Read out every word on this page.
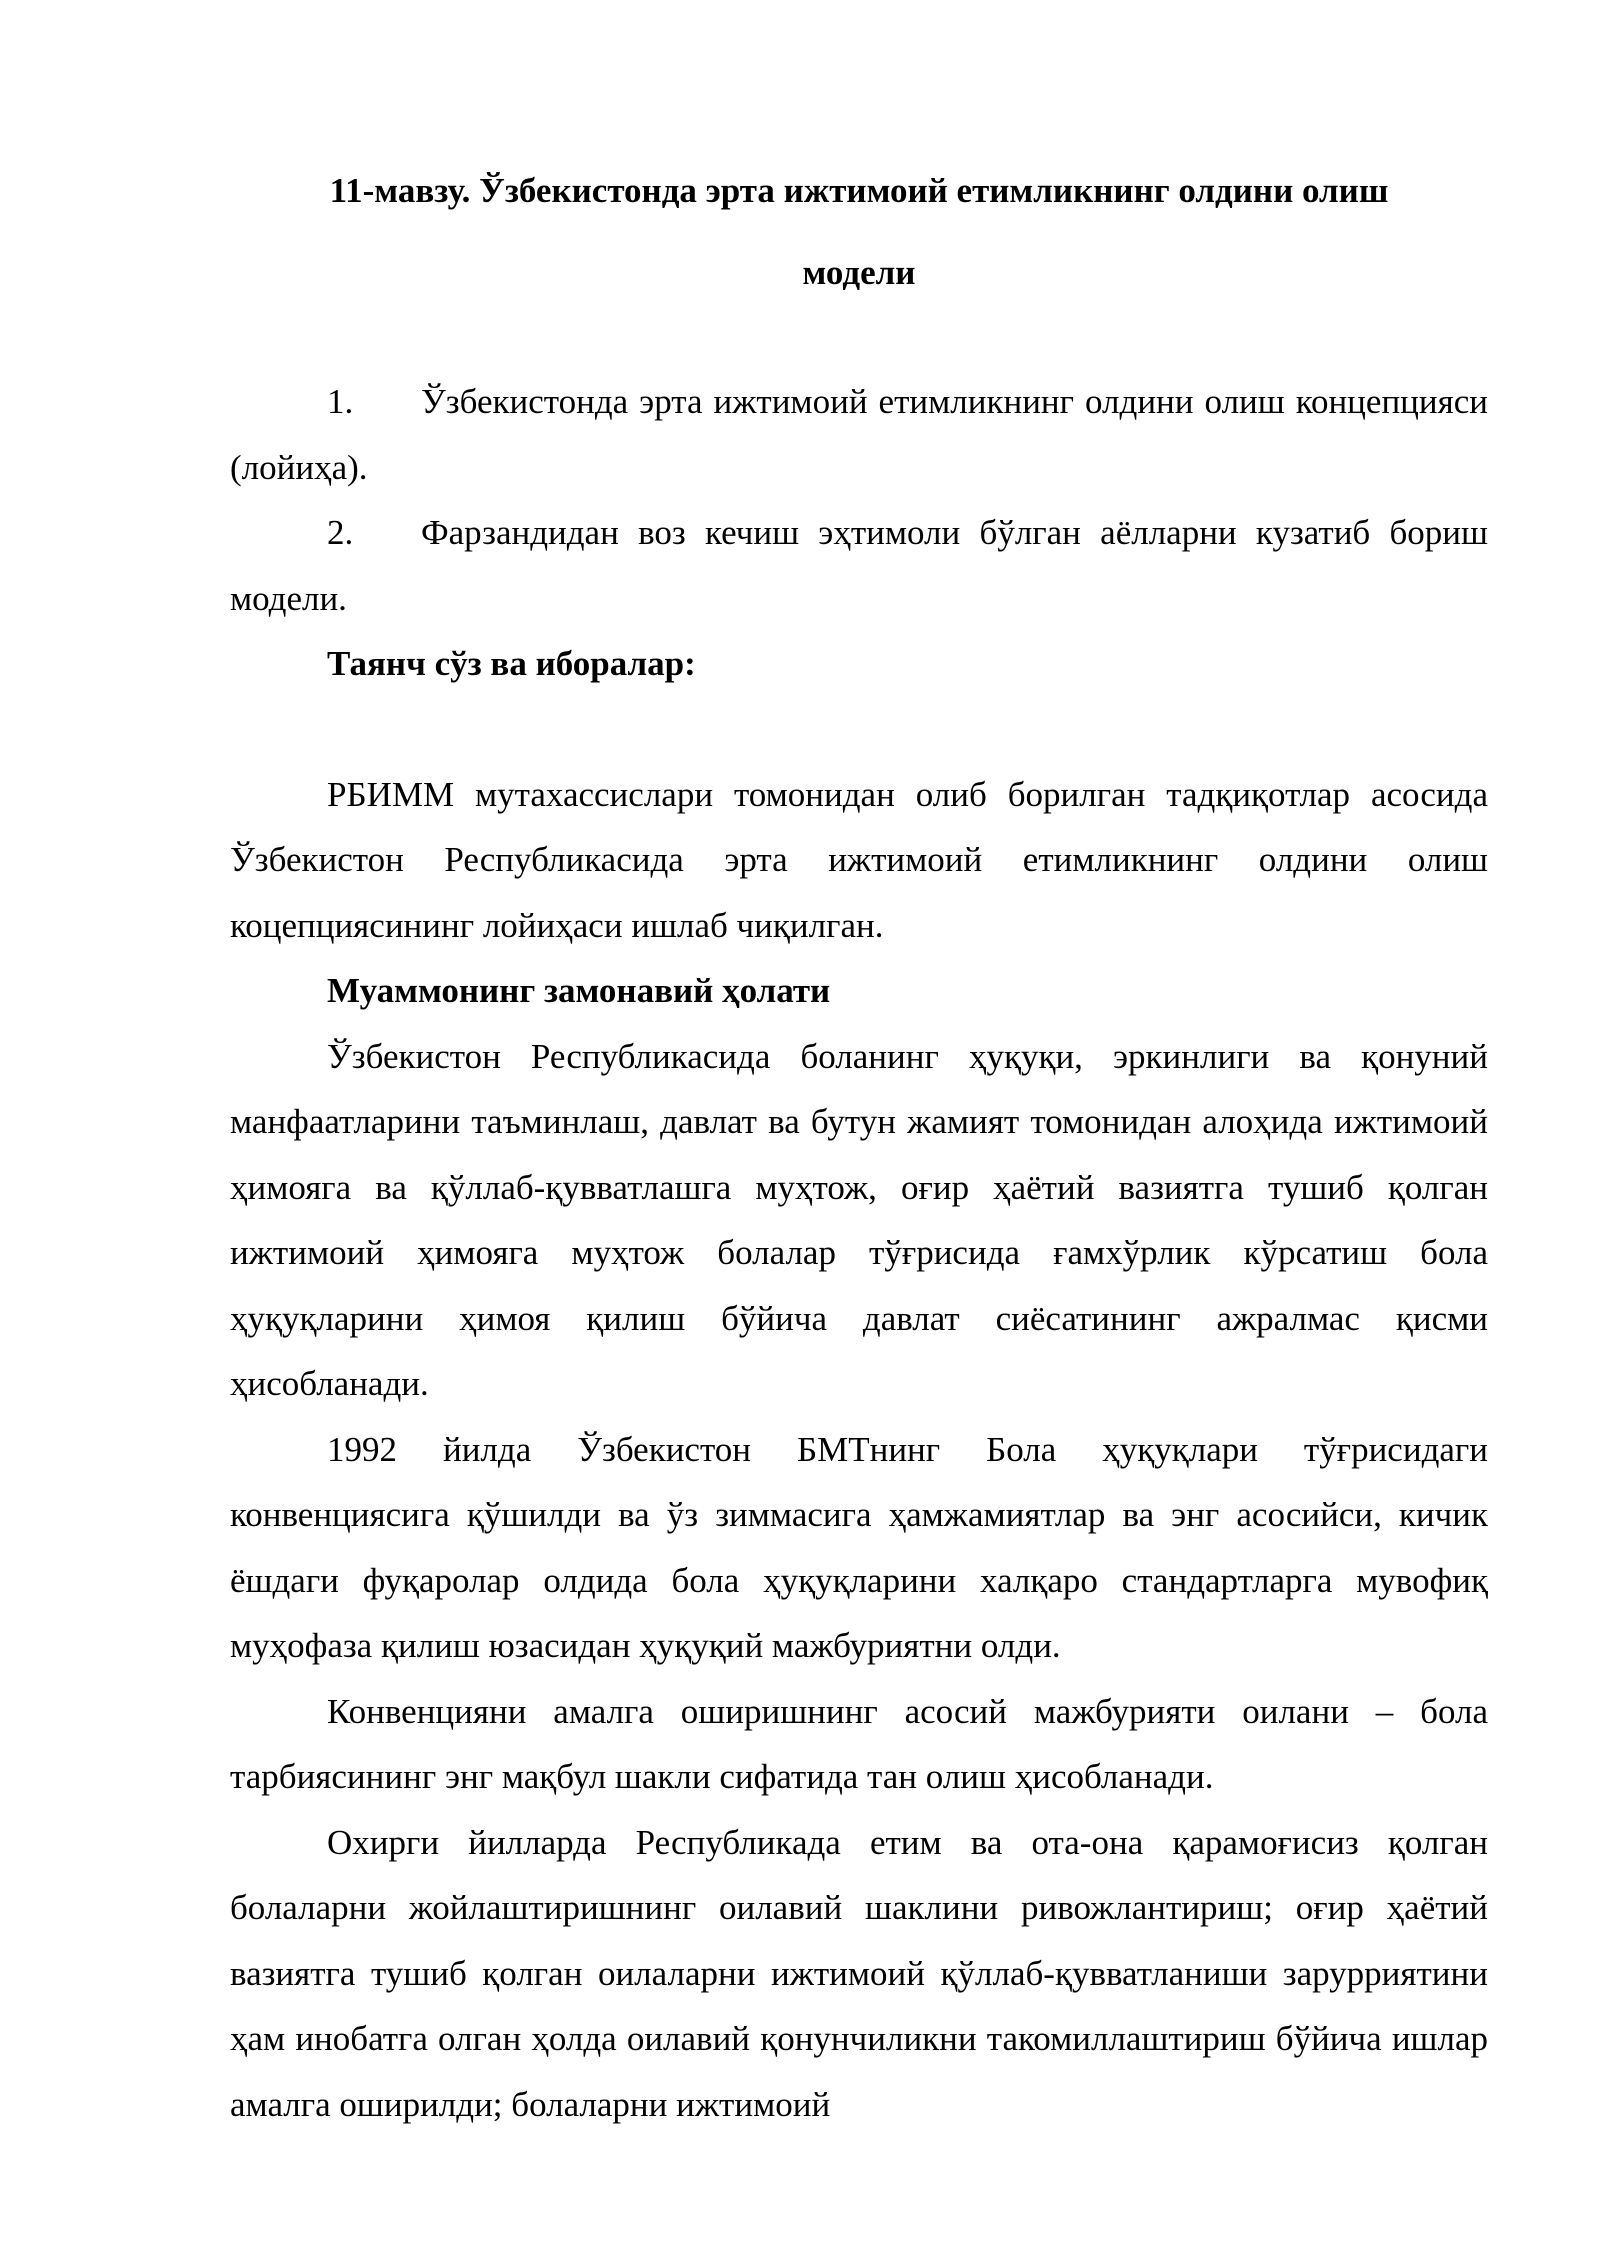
11-мавзу. Ўзбекистонда эрта ижтимоий етимликнинг олдини олиш модели

1. Ўзбекистонда эрта ижтимоий етимликнинг олдини олиш концепцияси (лойиҳа).

2. Фарзандидан воз кечиш эҳтимоли бўлган аёлларни кузатиб бориш модели.

Таянч сўз ва иборалар:

РБИММ мутахассислари томонидан олиб борилган тадқиқотлар асосида Ўзбекистон Республикасида эрта ижтимоий етимликнинг олдини олиш коцепциясининг лойиҳаси ишлаб чиқилган.

Муаммонинг замонавий ҳолати

Ўзбекистон Республикасида боланинг ҳуқуқи, эркинлиги ва қонуний манфаатларини таъминлаш, давлат ва бутун жамият томонидан алоҳида ижтимоий ҳимояга ва қўллаб-қувватлашга муҳтож, оғир ҳаётий вазиятга тушиб қолган ижтимоий ҳимояга муҳтож болалар тўғрисида ғамхўрлик кўрсатиш бола ҳуқуқларини ҳимоя қилиш бўйича давлат сиёсатининг ажралмас қисми ҳисобланади.

1992 йилда Ўзбекистон БМТнинг Бола ҳуқуқлари тўғрисидаги конвенциясига қўшилди ва ўз зиммасига ҳамжамиятлар ва энг асосийси, кичик ёшдаги фуқаролар олдида бола ҳуқуқларини халқаро стандартларга мувофиқ муҳофаза қилиш юзасидан ҳуқуқий мажбуриятни олди.

Конвенцияни амалга оширишнинг асосий мажбурияти оилани – бола тарбиясининг энг мақбул шакли сифатида тан олиш ҳисобланади.

Охирги йилларда Республикада етим ва ота-она қарамоғисиз қолган болаларни жойлаштиришнинг оилавий шаклини ривожлантириш; оғир ҳаётий вазиятга тушиб қолган оилаларни ижтимоий қўллаб-қувватланиши зарурриятини ҳам инобатга олган ҳолда оилавий қонунчиликни такомиллаштириш бўйича ишлар амалга оширилди; болаларни ижтимоий
